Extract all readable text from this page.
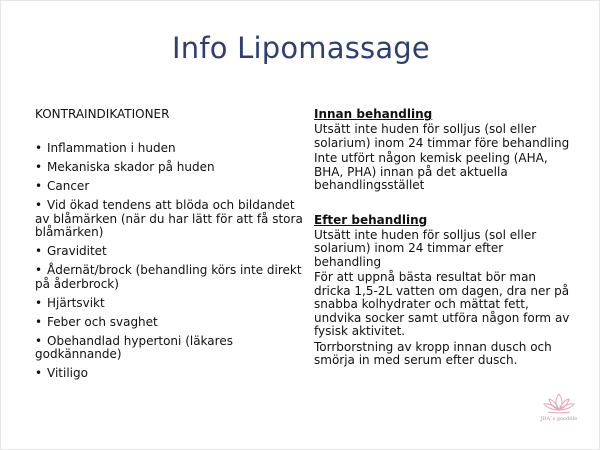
Info Lipomassage
KONTRAINDIKATIONER
• Inflammation i huden
• Mekaniska skador på huden
• Cancer
• Vid ökad tendens att blöda och bildandet av blåmärken (när du har lätt för att få stora blåmärken)
• Graviditet
• Ådernät/brock (behandling körs inte direkt på åderbrock)
• Hjärtsvikt
• Feber och svaghet
• Obehandlad hypertoni (läkares godkännande)
• Vitiligo
Innan behandling
Utsätt inte huden för solljus (sol eller solarium) inom 24 timmar före behandling
Inte utfört någon kemisk peeling (AHA, BHA, PHA) innan på det aktuella behandlingsstället
Efter behandling
Utsätt inte huden för solljus (sol eller solarium) inom 24 timmar efter behandling
För att uppnå bästa resultat bör man dricka 1,5-2L vatten om dagen, dra ner på snabba kolhydrater och mättat fett, undvika socker samt utföra någon form av fysisk aktivitet.
Torrborstning av kropp innan dusch och smörja in med serum efter dusch.
JRA´s goodlife
